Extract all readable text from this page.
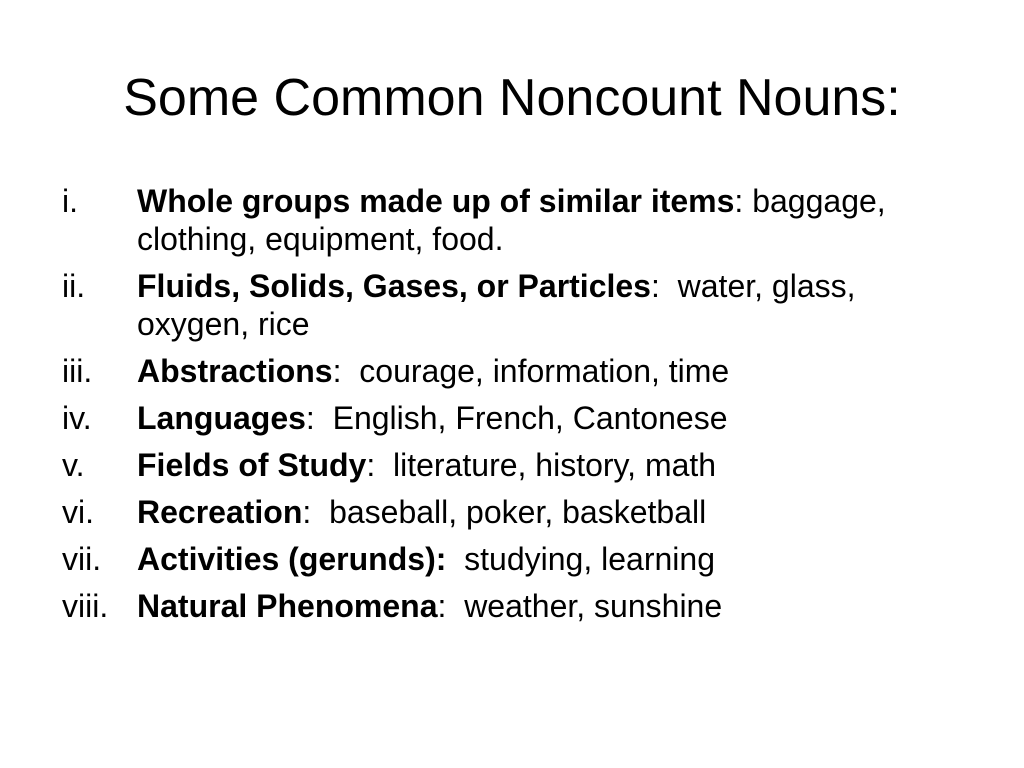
Some Common Noncount Nouns:
i.	Whole groups made up of similar items: baggage, clothing, equipment, food.
ii.	Fluids, Solids, Gases, or Particles:  water, glass, oxygen, rice
iii.	Abstractions:  courage, information, time
iv.	Languages:  English, French, Cantonese
v.	Fields of Study:  literature, history, math
vi.	Recreation:  baseball, poker, basketball
vii.	Activities (gerunds):  studying, learning
viii. Natural Phenomena:  weather, sunshine
